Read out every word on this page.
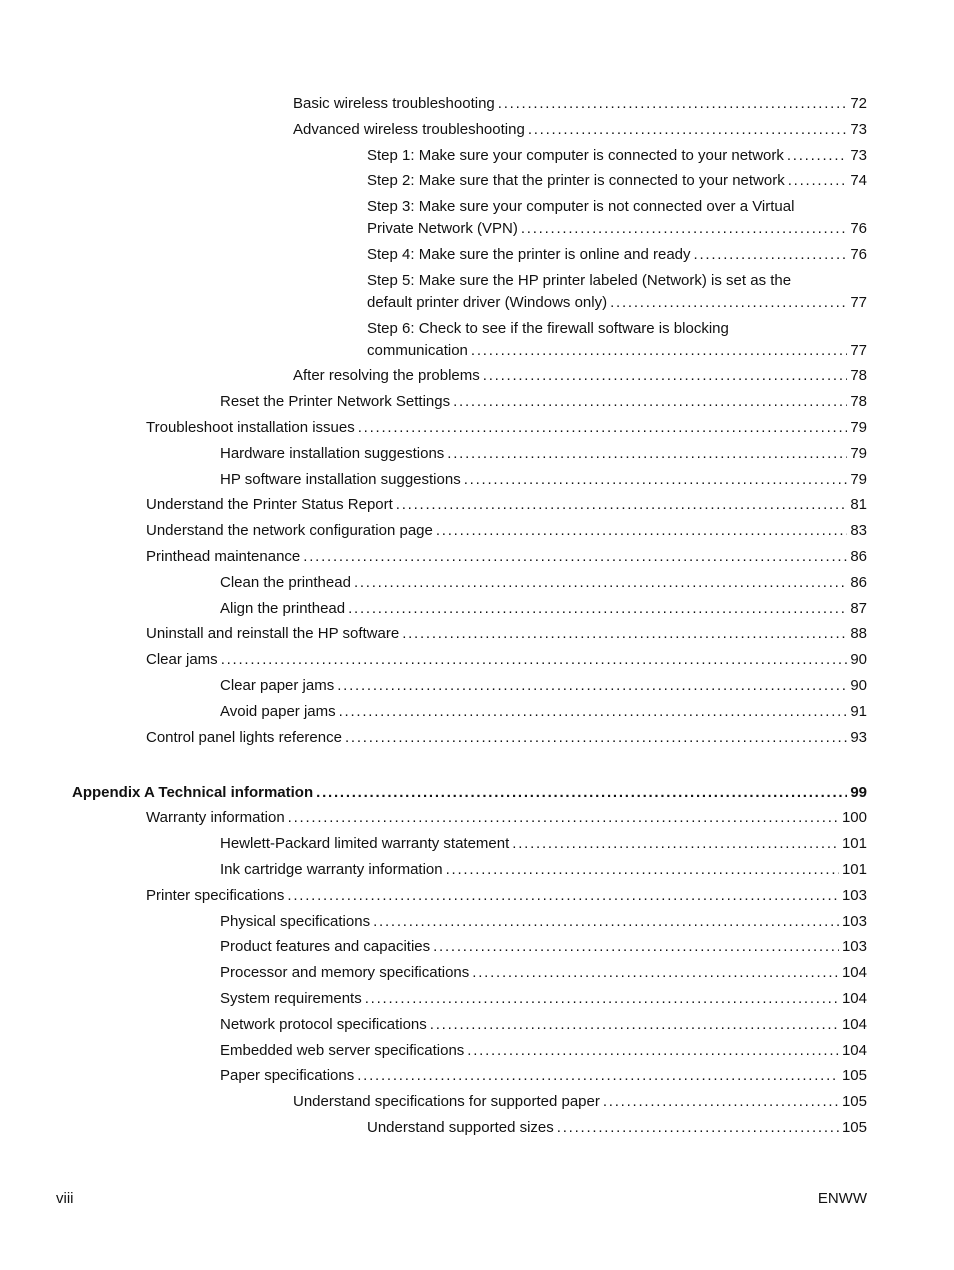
Basic wireless troubleshooting . . .	72
Advanced wireless troubleshooting . . .	73
Step 1: Make sure your computer is connected to your network . . .	73
Step 2: Make sure that the printer is connected to your network . . .	74
Step 3: Make sure your computer is not connected over a Virtual
Private Network (VPN) . . .	76
Step 4: Make sure the printer is online and ready . . .	76
Step 5: Make sure the HP printer labeled (Network) is set as the
default printer driver (Windows only) . . .	77
Step 6: Check to see if the firewall software is blocking
communication . . .	77
After resolving the problems . . .	78
Reset the Printer Network Settings . . .	78
Troubleshoot installation issues . . .	79
Hardware installation suggestions . . .	79
HP software installation suggestions . . .	79
Understand the Printer Status Report . . .	81
Understand the network configuration page . . .	83
Printhead maintenance . . .	86
Clean the printhead . . .	86
Align the printhead . . .	87
Uninstall and reinstall the HP software . . .	88
Clear jams . . .	90
Clear paper jams . . .	90
Avoid paper jams . . .	91
Control panel lights reference . . .	93
Appendix A Technical information . . .	99
Warranty information . . .	100
Hewlett-Packard limited warranty statement . . .	101
Ink cartridge warranty information . . .	101
Printer specifications . . .	103
Physical specifications . . .	103
Product features and capacities . . .	103
Processor and memory specifications . . .	104
System requirements . . .	104
Network protocol specifications . . .	104
Embedded web server specifications . . .	104
Paper specifications . . .	105
Understand specifications for supported paper . . .	105
Understand supported sizes . . .	105
viii	ENWW
